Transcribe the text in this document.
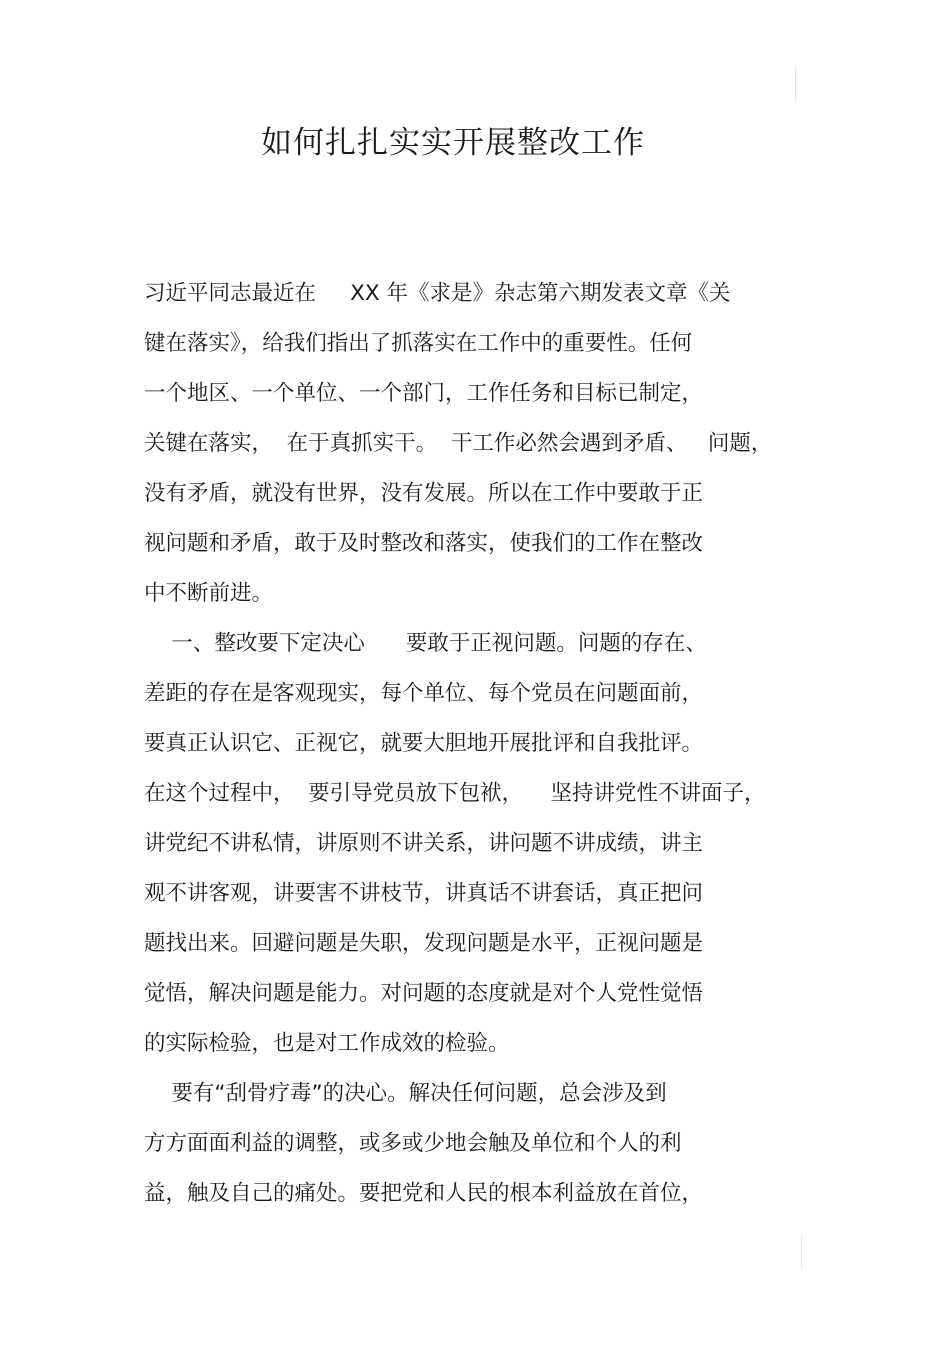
如何扎扎实实开展整改工作
习近平同志最近在     XX 年《求是》杂志第六期发表文章《关
键在落实》，给我们指出了抓落实在工作中的重要性。任何
一个地区、一个单位、一个部门，工作任务和目标已制定，
关键在落实，  在于真抓实干。  干工作必然会遇到矛盾、   问题，
没有矛盾，就没有世界，没有发展。所以在工作中要敢于正
视问题和矛盾，敢于及时整改和落实，使我们的工作在整改
中不断前进。
一、整改要下定决心      要敢于正视问题。问题的存在、
差距的存在是客观现实，每个单位、每个党员在问题面前，
要真正认识它、正视它，就要大胆地开展批评和自我批评。
在这个过程中，  要引导党员放下包袱，    坚持讲党性不讲面子，
讲党纪不讲私情，讲原则不讲关系，讲问题不讲成绩，讲主
观不讲客观，讲要害不讲枝节，讲真话不讲套话，真正把问
题找出来。回避问题是失职，发现问题是水平，正视问题是
觉悟，解决问题是能力。对问题的态度就是对个人党性觉悟
的实际检验，也是对工作成效的检验。
要有“刮骨疗毒”的决心。解决任何问题，总会涉及到
方方面面利益的调整，或多或少地会触及单位和个人的利
益，触及自己的痛处。要把党和人民的根本利益放在首位，
